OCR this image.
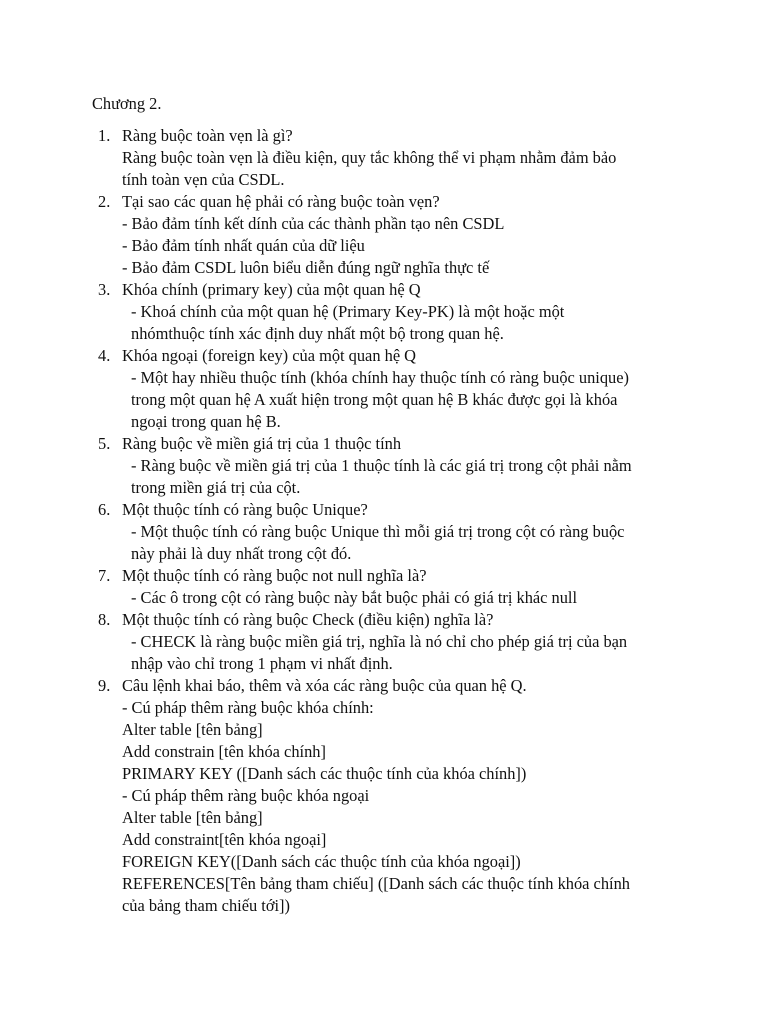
Chương 2.
1. Ràng buộc toàn vẹn là gì?
Ràng buộc toàn vẹn là điều kiện, quy tắc không thể vi phạm nhằm đảm bảo
tính toàn vẹn của CSDL.
2. Tại sao các quan hệ phải có ràng buộc toàn vẹn?
- Bảo đảm tính kết dính của các thành phần tạo nên CSDL
- Bảo đảm tính nhất quán của dữ liệu
- Bảo đảm CSDL luôn biểu diễn đúng ngữ nghĩa thực tế
3. Khóa chính (primary key) của một quan hệ Q
- Khoá chính của một quan hệ (Primary Key-PK) là một hoặc một
nhómthuộc tính xác định duy nhất một bộ trong quan hệ.
4. Khóa ngoại (foreign key) của một quan hệ Q
- Một hay nhiều thuộc tính (khóa chính hay thuộc tính có ràng buộc unique)
trong một quan hệ A xuất hiện trong một quan hệ B khác được gọi là khóa
ngoại trong quan hệ B.
5. Ràng buộc về miền giá trị của 1 thuộc tính
- Ràng buộc về miền giá trị của 1 thuộc tính là các giá trị trong cột phải nằm
trong miền giá trị của cột.
6. Một thuộc tính có ràng buộc Unique?
- Một thuộc tính có ràng buộc Unique thì mỗi giá trị trong cột có ràng buộc
này phải là duy nhất trong cột đó.
7. Một thuộc tính có ràng buộc not null nghĩa là?
- Các ô trong cột có ràng buộc này bắt buộc phải có giá trị khác null
8. Một thuộc tính có ràng buộc Check (điều kiện) nghĩa là?
- CHECK là ràng buộc miền giá trị, nghĩa là nó chỉ cho phép giá trị của bạn
nhập vào chỉ trong 1 phạm vi nhất định.
9. Câu lệnh khai báo, thêm và xóa các ràng buộc của quan hệ Q.
- Cú pháp thêm ràng buộc khóa chính:
Alter table [tên bảng]
Add constrain [tên khóa chính]
PRIMARY KEY ([Danh sách các thuộc tính của khóa chính])
- Cú pháp thêm ràng buộc khóa ngoại
Alter table [tên bảng]
Add constraint[tên khóa ngoại]
FOREIGN KEY([Danh sách các thuộc tính của khóa ngoại])
REFERENCES[Tên bảng tham chiếu] ([Danh sách các thuộc tính khóa chính
của bảng tham chiếu tới])
